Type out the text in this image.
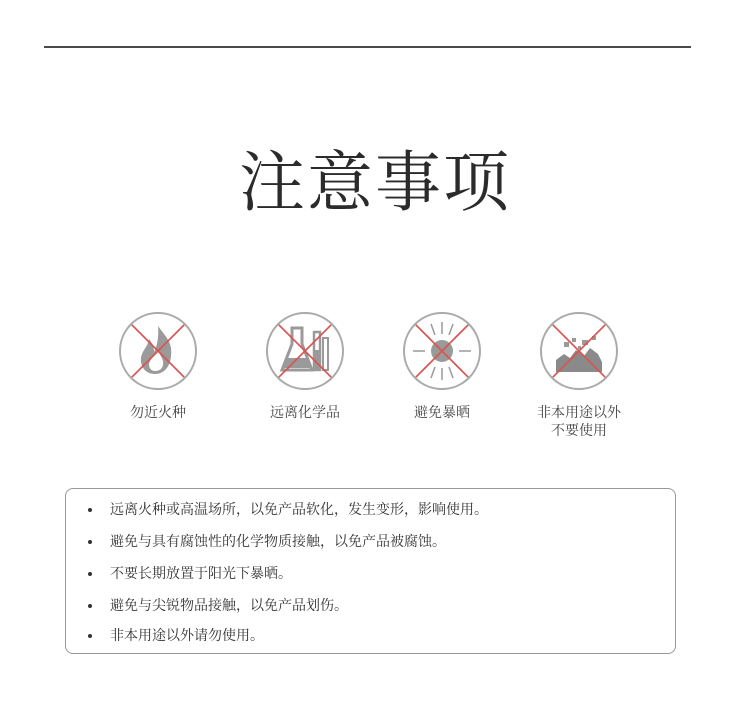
注意事项
勿近火种	远离化学品	避免暴晒	非本用途以外
不要使用
远离火种或高温场所，以免产品软化，发生变形，影响使用。
避免与具有腐蚀性的化学物质接触，以免产品被腐蚀。
不要长期放置于阳光下暴晒。
避免与尖锐物品接触，以免产品划伤。
非本用途以外请勿使用。
